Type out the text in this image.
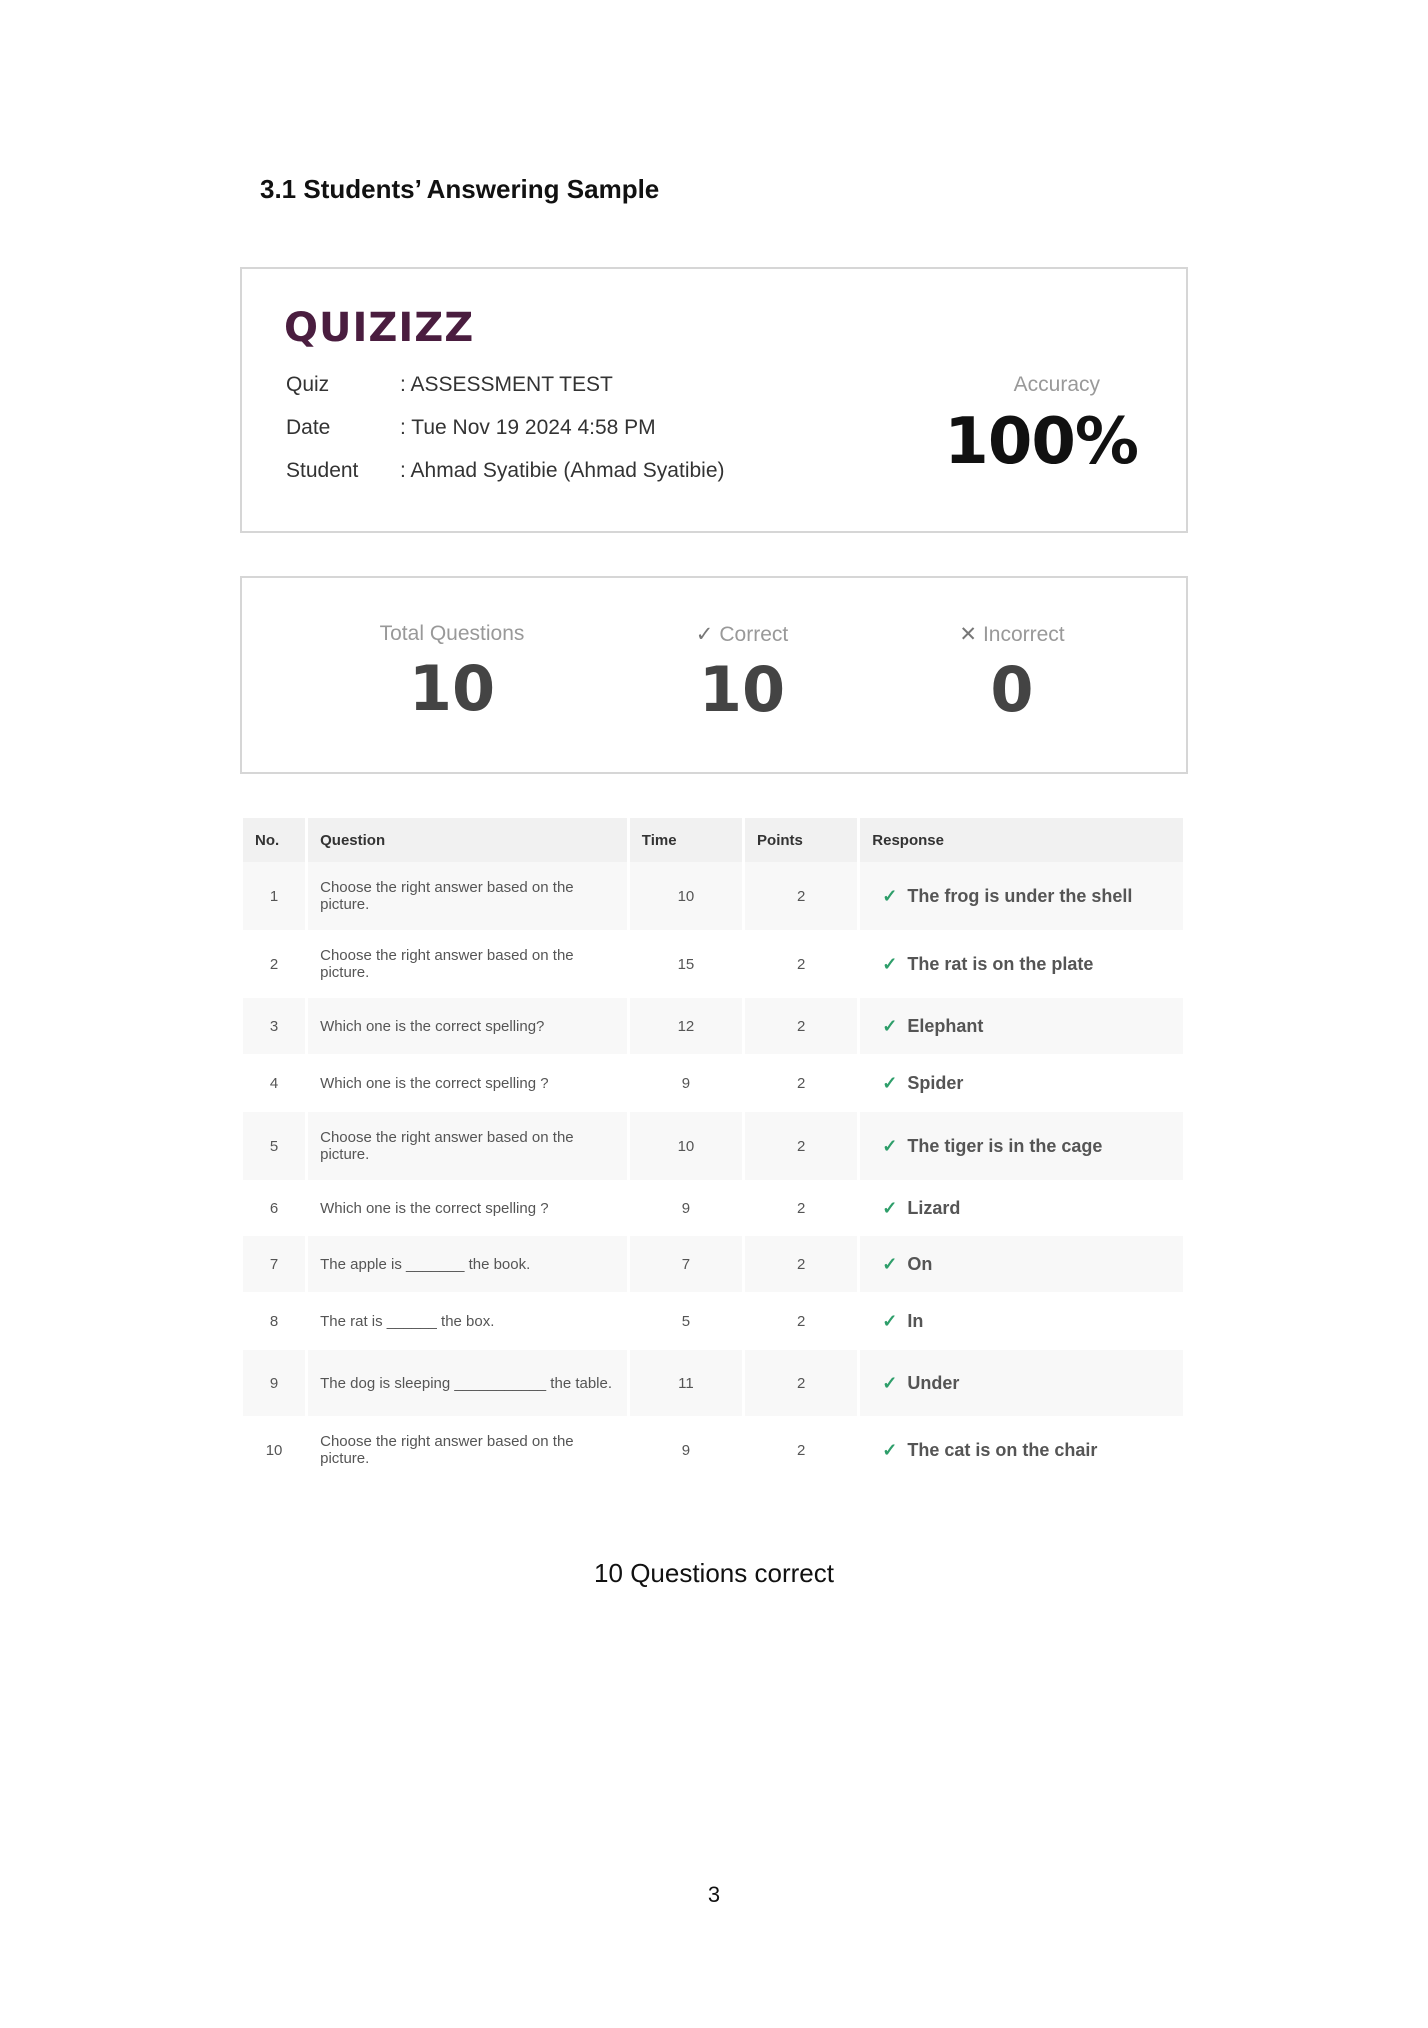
3.1 Students’ Answering Sample
QUIZIZZ
Quiz	: ASSESSMENT TEST
Date	: Tue Nov 19 2024 4:58 PM
Student : Ahmad Syatibie (Ahmad Syatibie)
Accuracy
100%
Total Questions
10
✓ Correct
10
✕ Incorrect
0
No.	Question	Time	Points	Response
1	Choose the right answer based on the picture.	10	2	✓ The frog is under the shell
2	Choose the right answer based on the picture.	15	2	✓ The rat is on the plate
3	Which one is the correct spelling?	12	2	✓ Elephant
4	Which one is the correct spelling ?	9	2	✓ Spider
5	Choose the right answer based on the picture.	10	2	✓ The tiger is in the cage
6	Which one is the correct spelling ?	9	2	✓ Lizard
7	The apple is _______ the book.	7	2	✓ On
8	The rat is ______ the box.	5	2	✓ In
9	The dog is sleeping ___________ the table.	11	2	✓ Under
10	Choose the right answer based on the picture.	9	2	✓ The cat is on the chair
10 Questions correct
3
